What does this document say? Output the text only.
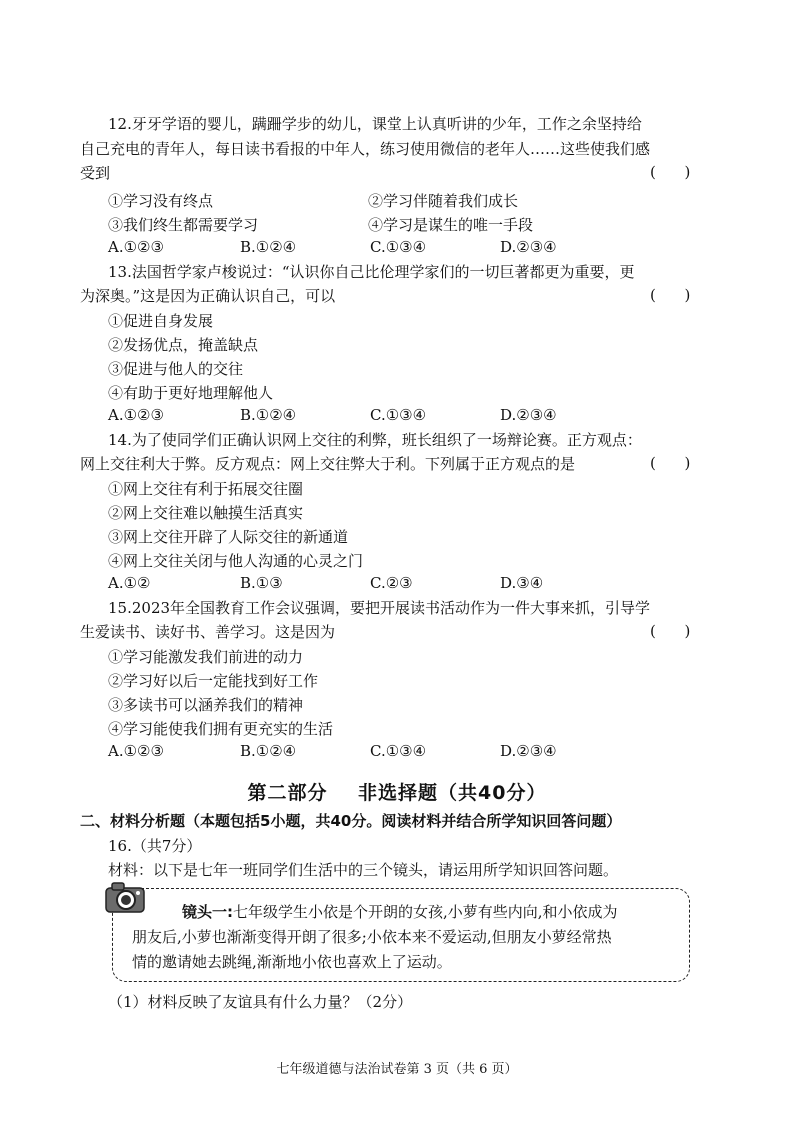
12.牙牙学语的婴儿，蹒跚学步的幼儿，课堂上认真听讲的少年，工作之余坚持给
自己充电的青年人，每日读书看报的中年人，练习使用微信的老年人……这些使我们感
受到	(      )
①学习没有终点	②学习伴随着我们成长
③我们终生都需要学习	④学习是谋生的唯一手段
A.①②③	B.①②④	C.①③④	D.②③④
13.法国哲学家卢梭说过：“认识你自己比伦理学家们的一切巨著都更为重要，更
为深奥。”这是因为正确认识自己，可以	(      )
①促进自身发展
②发扬优点，掩盖缺点
③促进与他人的交往
④有助于更好地理解他人
A.①②③	B.①②④	C.①③④	D.②③④
14.为了使同学们正确认识网上交往的利弊，班长组织了一场辩论赛。正方观点：
网上交往利大于弊。反方观点：网上交往弊大于利。下列属于正方观点的是	(      )
①网上交往有利于拓展交往圈
②网上交往难以触摸生活真实
③网上交往开辟了人际交往的新通道
④网上交往关闭与他人沟通的心灵之门
A.①②	B.①③	C.②③	D.③④
15.2023年全国教育工作会议强调，要把开展读书活动作为一件大事来抓，引导学
生爱读书、读好书、善学习。这是因为	(      )
①学习能激发我们前进的动力
②学习好以后一定能找到好工作
③多读书可以涵养我们的精神
④学习能使我们拥有更充实的生活
A.①②③	B.①②④	C.①③④	D.②③④
第二部分    非选择题（共40分）
二、材料分析题（本题包括5小题，共40分。阅读材料并结合所学知识回答问题）
16.（共7分）
材料：以下是七年一班同学们生活中的三个镜头，请运用所学知识回答问题。
镜头一:七年级学生小依是个开朗的女孩,小萝有些内向,和小依成为
朋友后,小萝也渐渐变得开朗了很多;小依本来不爱运动,但朋友小萝经常热
情的邀请她去跳绳,渐渐地小依也喜欢上了运动。
（1）材料反映了友谊具有什么力量？（2分）
七年级道德与法治试卷第 3 页（共 6 页）
